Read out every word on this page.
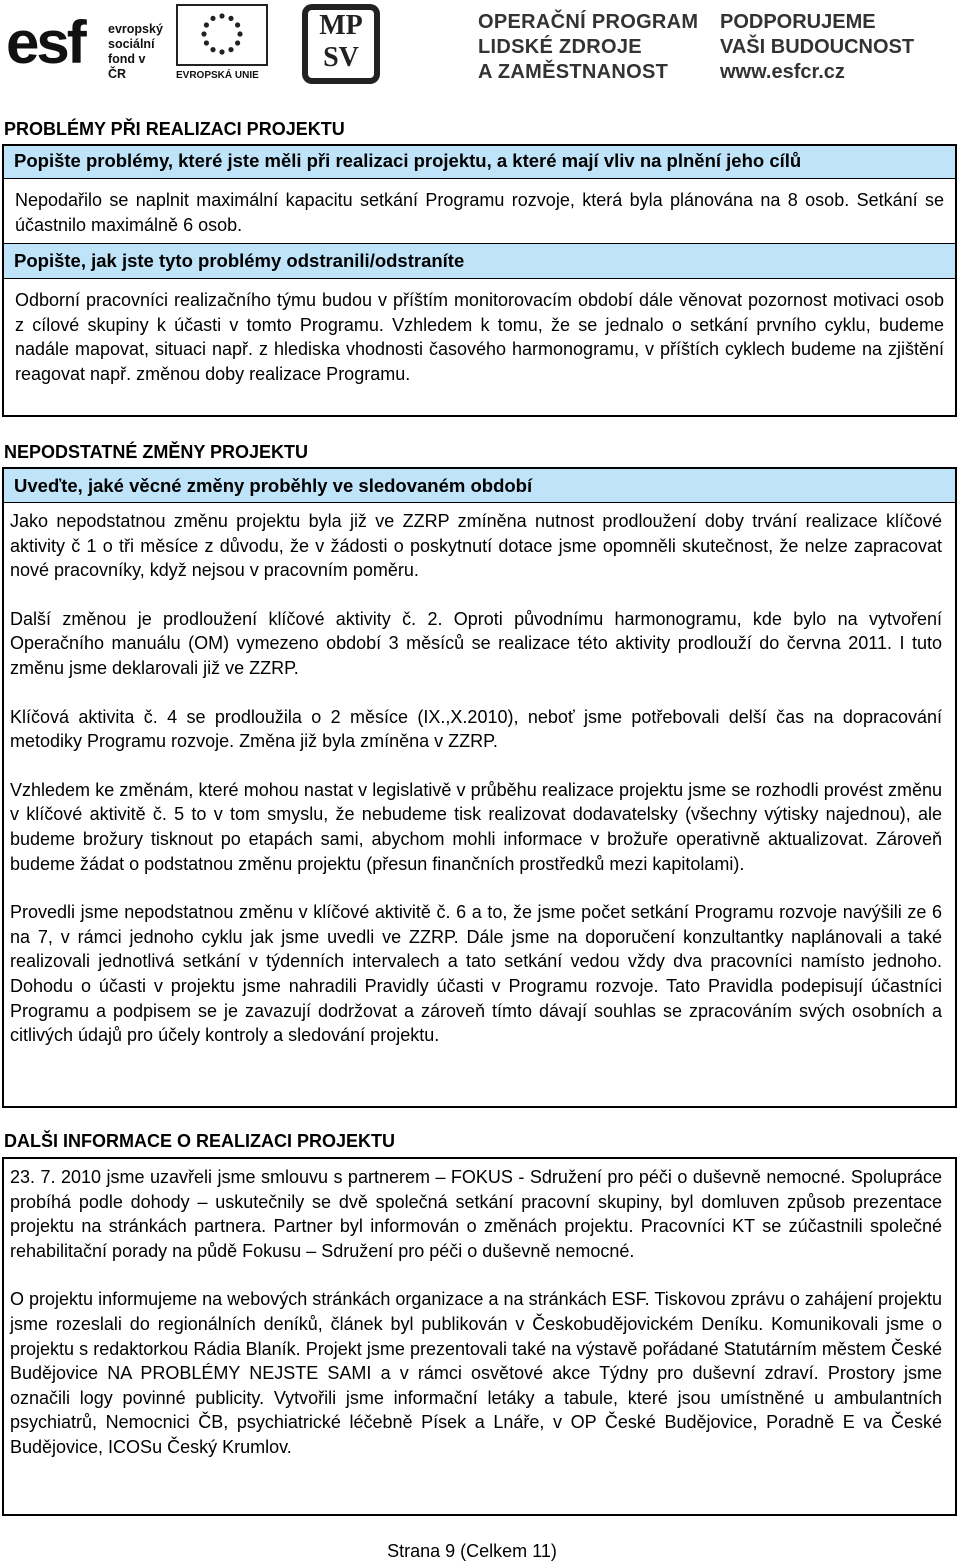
esf evropský
sociální
fond v ČR	EVROPSKÁ UNIE
MP
SV
OPERAČNÍ PROGRAM
LIDSKÉ ZDROJE
A ZAMĚSTNANOST
PODPORUJEME
VAŠI BUDOUCNOST
www.esfcr.cz
PROBLÉMY PŘI REALIZACI PROJEKTU
Popište problémy, které jste měli při realizaci projektu, a které mají vliv na plnění jeho cílů
Nepodařilo se naplnit maximální kapacitu setkání Programu rozvoje, která byla plánována na 8 osob. Setkání se účastnilo maximálně 6 osob.
Popište, jak jste tyto problémy odstranili/odstraníte
Odborní pracovníci realizačního týmu budou v příštím monitorovacím období dále věnovat pozornost motivaci osob z cílové skupiny k účasti v tomto Programu. Vzhledem k tomu, že se jednalo o setkání prvního cyklu, budeme nadále mapovat, situaci např. z hlediska vhodnosti časového harmonogramu, v příštích cyklech budeme na zjištění reagovat např. změnou doby realizace Programu.
NEPODSTATNÉ ZMĚNY PROJEKTU
Uveďte, jaké věcné změny proběhly ve sledovaném období

Jako nepodstatnou změnu projektu byla již ve ZZRP zmíněna nutnost prodloužení doby trvání realizace klíčové aktivity č 1 o tři měsíce z důvodu, že v žádosti o poskytnutí dotace jsme opomněli skutečnost, že nelze zapracovat nové pracovníky, když nejsou v pracovním poměru.

Další změnou je prodloužení klíčové aktivity č. 2. Oproti původnímu harmonogramu, kde bylo na vytvoření Operačního manuálu (OM) vymezeno období 3 měsíců se realizace této aktivity prodlouží do června 2011. I tuto změnu jsme deklarovali již ve ZZRP.

Klíčová aktivita č. 4 se prodloužila o 2 měsíce (IX.,X.2010), neboť jsme potřebovali delší čas na dopracování metodiky Programu rozvoje. Změna již byla zmíněna v ZZRP.

Vzhledem ke změnám, které mohou nastat v legislativě v průběhu realizace projektu jsme se rozhodli provést změnu v klíčové aktivitě č. 5 to v tom smyslu, že nebudeme tisk realizovat dodavatelsky (všechny výtisky najednou), ale budeme brožury tisknout po etapách sami, abychom mohli informace v brožuře operativně aktualizovat. Zároveň budeme žádat o podstatnou změnu projektu (přesun finančních prostředků mezi kapitolami).

Provedli jsme nepodstatnou změnu v klíčové aktivitě č. 6 a to, že jsme počet setkání Programu rozvoje navýšili ze 6 na 7, v rámci jednoho cyklu jak jsme uvedli ve ZZRP. Dále jsme na doporučení konzultantky naplánovali a také realizovali jednotlivá setkání v týdenních intervalech a tato setkání vedou vždy dva pracovníci namísto jednoho. Dohodu o účasti v projektu jsme nahradili Pravidly účasti v Programu rozvoje. Tato Pravidla podepisují účastníci Programu a podpisem se je zavazují dodržovat a zároveň tímto dávají souhlas se zpracováním svých osobních a citlivých údajů pro účely kontroly a sledování projektu.

DALŠI INFORMACE O REALIZACI PROJEKTU

23. 7. 2010 jsme uzavřeli jsme smlouvu s partnerem – FOKUS - Sdružení pro péči o duševně nemocné. Spolupráce probíhá podle dohody – uskutečnily se dvě společná setkání pracovní skupiny, byl domluven způsob prezentace projektu na stránkách partnera. Partner byl informován o změnách projektu. Pracovníci KT se zúčastnili společné rehabilitační porady na půdě Fokusu – Sdružení pro péči o duševně nemocné.

O projektu informujeme na webových stránkách organizace a na stránkách ESF. Tiskovou zprávu o zahájení projektu jsme rozeslali do regionálních deníků, článek byl publikován v Českobudějovickém Deníku. Komunikovali jsme o projektu s redaktorkou Rádia Blaník. Projekt jsme prezentovali také na výstavě pořádané Statutárním městem České Budějovice NA PROBLÉMY NEJSTE SAMI a v rámci osvětové akce Týdny pro duševní zdraví. Prostory jsme označili logy povinné publicity. Vytvořili jsme informační letáky a tabule, které jsou umístněné u ambulantních psychiatrů, Nemocnici ČB, psychiatrické léčebně Písek a Lnáře, v OP České Budějovice, Poradně E va České Budějovice, ICOSu Český Krumlov.

Strana 9 (Celkem 11)
